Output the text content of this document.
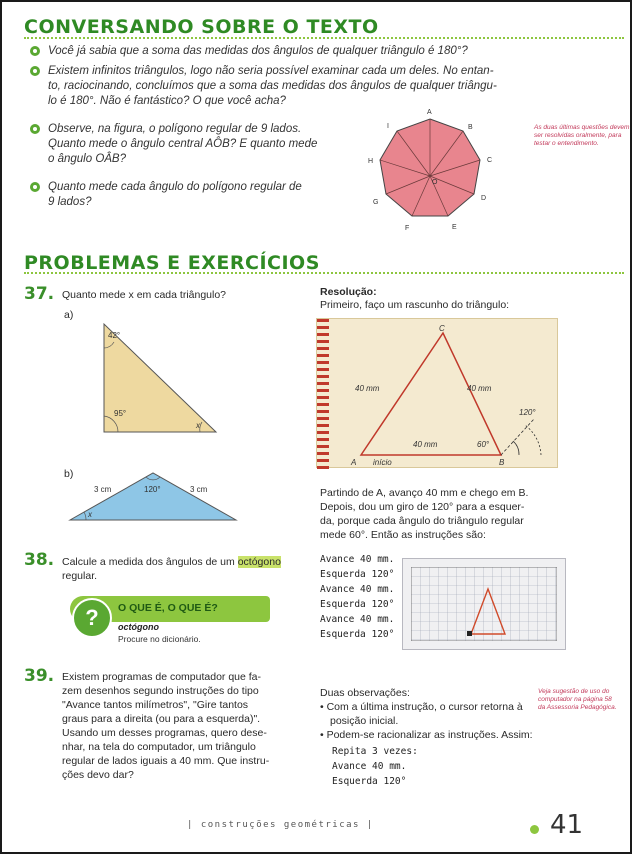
CONVERSANDO SOBRE O TEXTO
Você já sabia que a soma das medidas dos ângulos de qualquer triângulo é 180°?
Existem infinitos triângulos, logo não seria possível examinar cada um deles. No entan-
to, raciocinando, concluímos que a soma das medidas dos ângulos de qualquer triângu-
lo é 180°. Não é fantástico? O que você acha?
Observe, na figura, o polígono regular de 9 lados.
Quanto mede o ângulo central AÔB? E quanto mede
o ângulo OÂB?
Quanto mede cada ângulo do polígono regular de
9 lados?
A
B
C
D
E
F
G
H
I
O
As duas últimas questões devem
ser resolvidas oralmente, para
testar o entendimento.
PROBLEMAS E EXERCÍCIOS
37. Quanto mede x em cada triângulo?
a)
42°
95°
x
b)
3 cm	3 cm
120°
x
38. Calcule a medida dos ângulos de um octógono
regular.
?	O QUE É, O QUE É?
octógono
Procure no dicionário.
39. Existem programas de computador que fa-
zem desenhos segundo instruções do tipo
"Avance tantos milímetros", "Gire tantos
graus para a direita (ou para a esquerda)".
Usando um desses programas, quero dese-
nhar, na tela do computador, um triângulo
regular de lados iguais a 40 mm. Que instru-
ções devo dar?
Resolução:
Primeiro, faço um rascunho do triângulo:
40 mm	40 mm
40 mm
120°
60°
A início	B
C
Partindo de A, avanço 40 mm e chego em B.
Depois, dou um giro de 120° para a esquer-
da, porque cada ângulo do triângulo regular
mede 60°. Então as instruções são:
Avance 40 mm.
Esquerda 120°
Avance 40 mm.
Esquerda 120°
Avance 40 mm.
Esquerda 120°
Duas observações:
• Com a última instrução, o cursor retorna à
posição inicial.
• Podem-se racionalizar as instruções. Assim:
Repita 3 vezes:
Avance 40 mm.
Esquerda 120°
Veja sugestão de uso do
computador na página 58
da Assessoria Pedagógica.
| construções geométricas |	41
